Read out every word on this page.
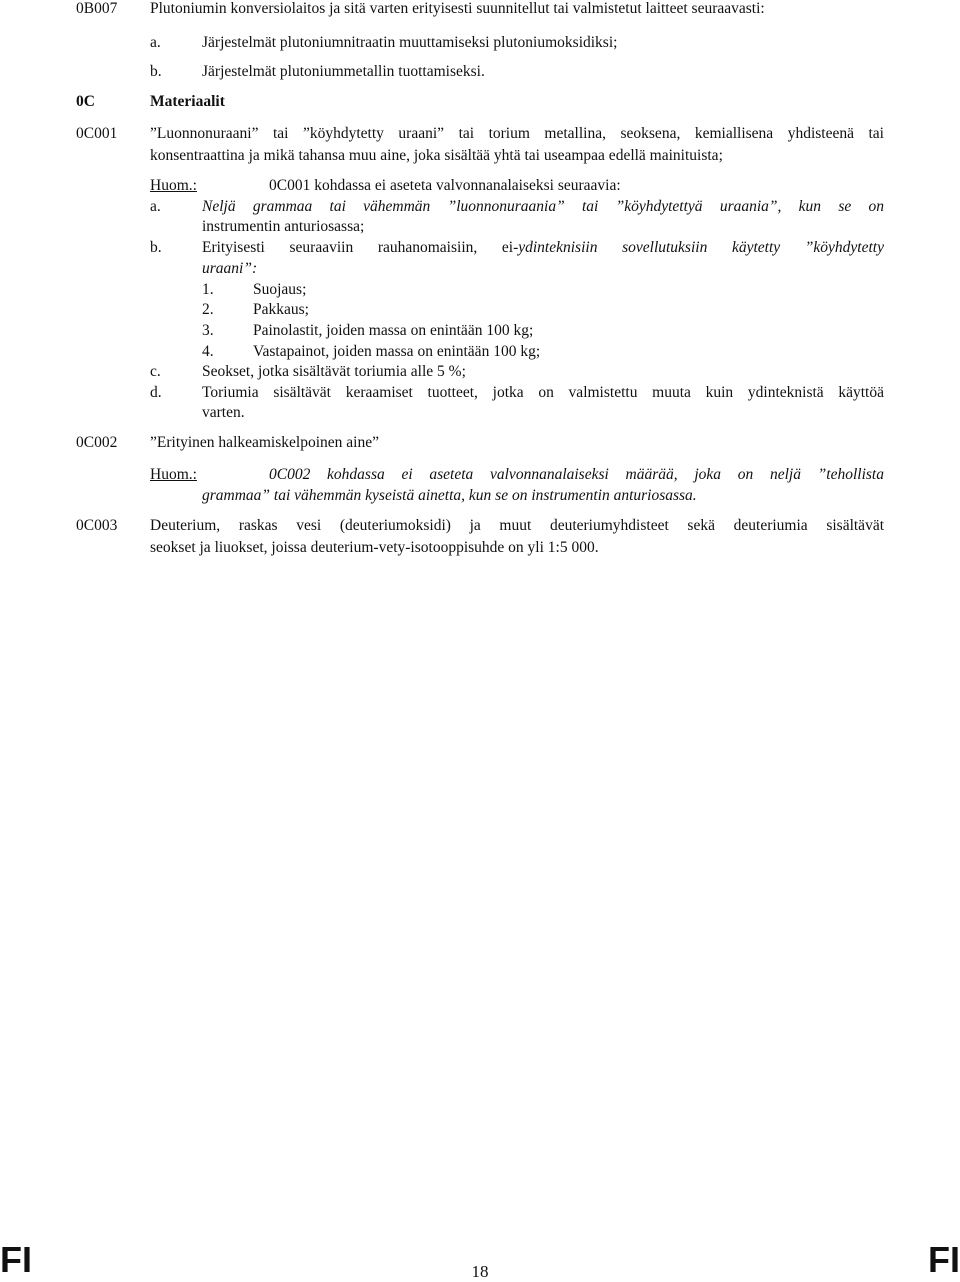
0B007 Plutoniumin konversiolaitos ja sitä varten erityisesti suunnitellut tai valmistetut laitteet seuraavasti:
a.	Järjestelmät plutoniumnitraatin muuttamiseksi plutoniumoksidiksi;
b.	Järjestelmät plutoniummetallin tuottamiseksi.
0C	Materiaalit
0C001 ”Luonnonuraani” tai ”köyhdytetty uraani” tai torium metallina, seoksena, kemiallisena yhdisteenä tai
konsentraattina ja mikä tahansa muu aine, joka sisältää yhtä tai useampaa edellä mainituista;
Huom.:	0C001 kohdassa ei aseteta valvonnanalaiseksi seuraavia:
a.	Neljä grammaa tai vähemmän ”luonnonuraania” tai ”köyhdytettyä uraania”, kun se on
instrumentin anturiosassa;
b.	Erityisesti seuraaviin rauhanomaisiin, ei-ydinteknisiin sovellutuksiin käytetty ”köyhdytetty
uraani”:
1.	Suojaus;
2.	Pakkaus;
3.	Painolastit, joiden massa on enintään 100 kg;
4.	Vastapainot, joiden massa on enintään 100 kg;
c.	Seokset, jotka sisältävät toriumia alle 5 %;
d.	Toriumia sisältävät keraamiset tuotteet, jotka on valmistettu muuta kuin ydinteknistä käyttöä
varten.
0C002 ”Erityinen halkeamiskelpoinen aine”
Huom.:	0C002 kohdassa ei aseteta valvonnanalaiseksi määrää, joka on neljä ”tehollista
grammaa” tai vähemmän kyseistä ainetta, kun se on instrumentin anturiosassa.
0C003 Deuterium, raskas vesi (deuteriumoksidi) ja muut deuteriumyhdisteet sekä deuteriumia sisältävät
seokset ja liuokset, joissa deuterium-vety-isotooppisuhde on yli 1:5 000.
FI	18	FI
